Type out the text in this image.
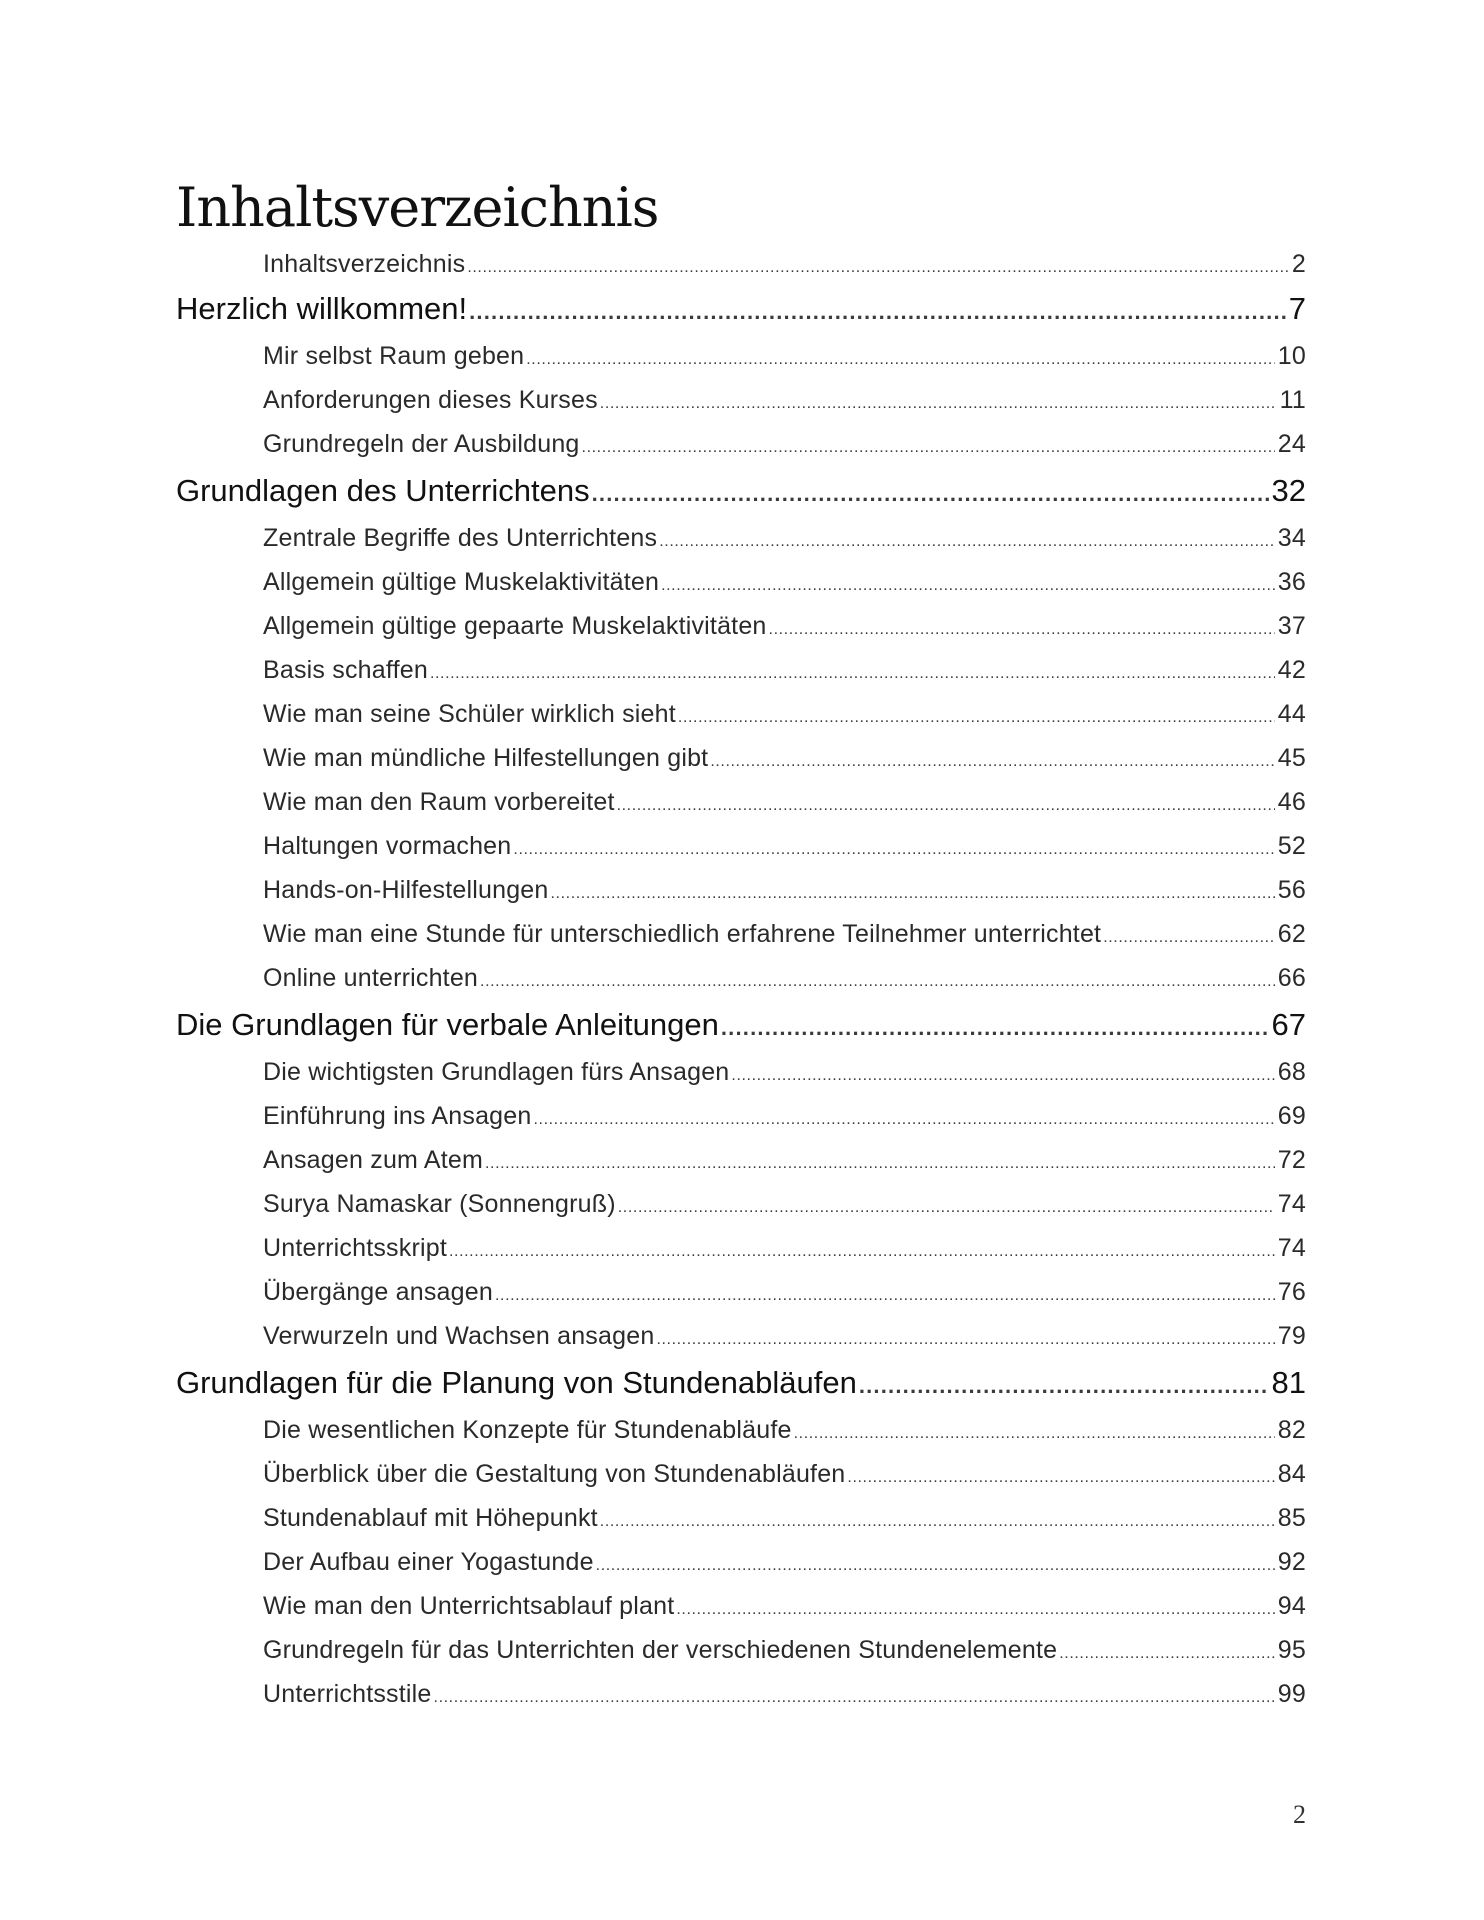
Inhaltsverzeichnis
Inhaltsverzeichnis .....	2
Herzlich willkommen! .....	7
Mir selbst Raum geben .....	10
Anforderungen dieses Kurses .....	11
Grundregeln der Ausbildung .....	24
Grundlagen des Unterrichtens .....	32
Zentrale Begriffe des Unterrichtens .....	34
Allgemein gültige Muskelaktivitäten .....	36
Allgemein gültige gepaarte Muskelaktivitäten .....	37
Basis schaffen .....	42
Wie man seine Schüler wirklich sieht .....	44
Wie man mündliche Hilfestellungen gibt .....	45
Wie man den Raum vorbereitet .....	46
Haltungen vormachen .....	52
Hands-on-Hilfestellungen .....	56
Wie man eine Stunde für unterschiedlich erfahrene Teilnehmer unterrichtet .....	62
Online unterrichten .....	66
Die Grundlagen für verbale Anleitungen .....	67
Die wichtigsten Grundlagen fürs Ansagen .....	68
Einführung ins Ansagen .....	69
Ansagen zum Atem .....	72
Surya Namaskar (Sonnengruß) .....	74
Unterrichtsskript .....	74
Übergänge ansagen .....	76
Verwurzeln und Wachsen ansagen .....	79
Grundlagen für die Planung von Stundenabläufen .....	81
Die wesentlichen Konzepte für Stundenabläufe .....	82
Überblick über die Gestaltung von Stundenabläufen .....	84
Stundenablauf mit Höhepunkt .....	85
Der Aufbau einer Yogastunde .....	92
Wie man den Unterrichtsablauf plant .....	94
Grundregeln für das Unterrichten der verschiedenen Stundenelemente .....	95
Unterrichtsstile .....	99
2
